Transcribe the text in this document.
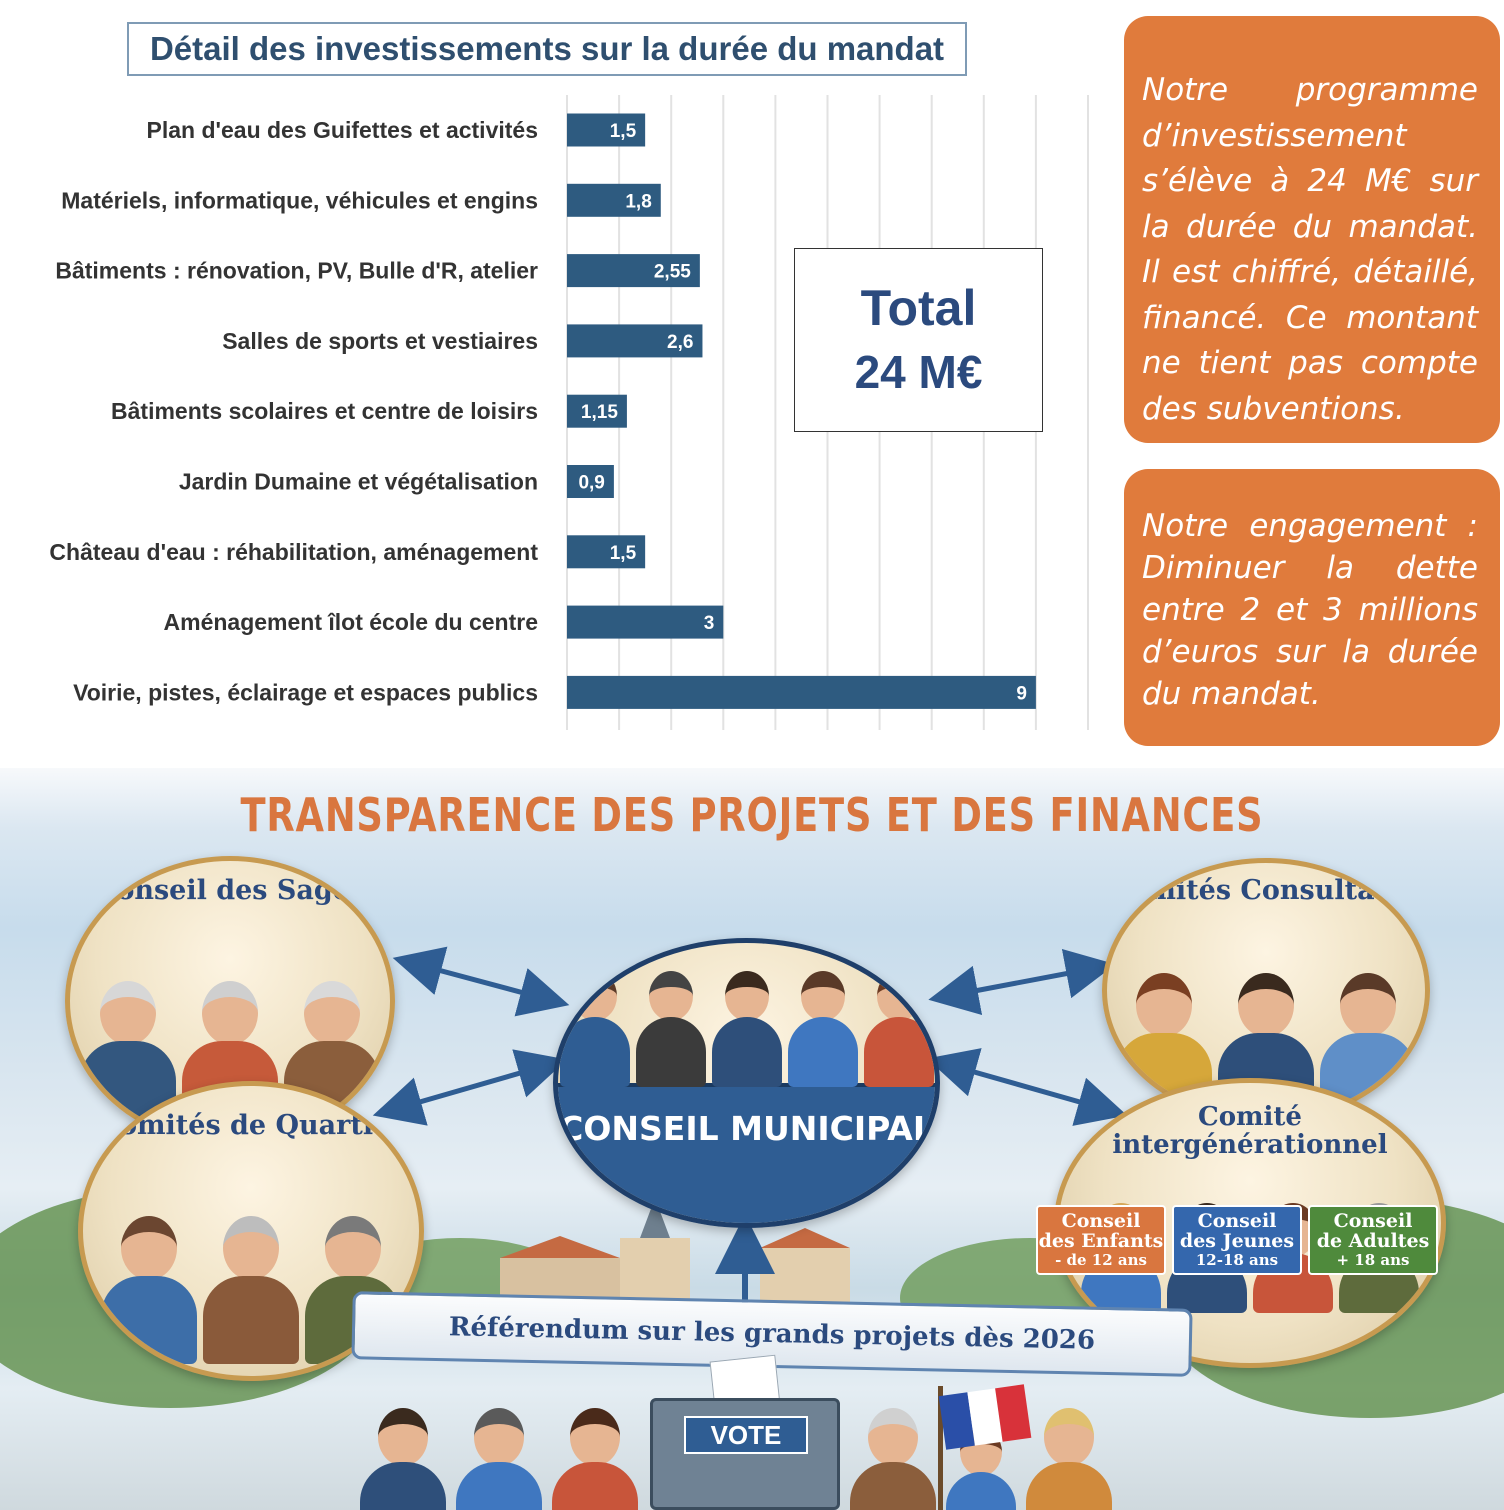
Détail des investissements sur la durée du mandat
Plan d'eau des Guifettes et activités
Matériels, informatique, véhicules et engins
Bâtiments : rénovation, PV, Bulle d'R, atelier
Salles de sports et vestiaires
Bâtiments scolaires et centre de loisirs
Jardin Dumaine et végétalisation
Château d'eau : réhabilitation, aménagement
Aménagement îlot école du centre
Voirie, pistes, éclairage et espaces publics
1,5
1,8
2,55
2,6
1,15
0,9
1,5
3
9
Total
24 M€

Notre programme d’investissement s’élève à 24 M€ sur la durée du mandat. Il est chiffré, détaillé, financé. Ce montant ne tient pas compte des subventions.

Notre engagement : Diminuer la dette entre 2 et 3 millions d’euros sur la durée du mandat.

TRANSPARENCE DES PROJETS ET DES FINANCES
Conseil des Sages
Comités de Quartier	CONSEIL MUNICIPAL
Comités Consultatifs
Comité intergénérationnel
Conseil
des Enfants
- de 12 ans
Conseil
des Jeunes
12-18 ans
Conseil
de Adultes
+ 18 ans
Référendum sur les grands projets dès 2026
VOTE
